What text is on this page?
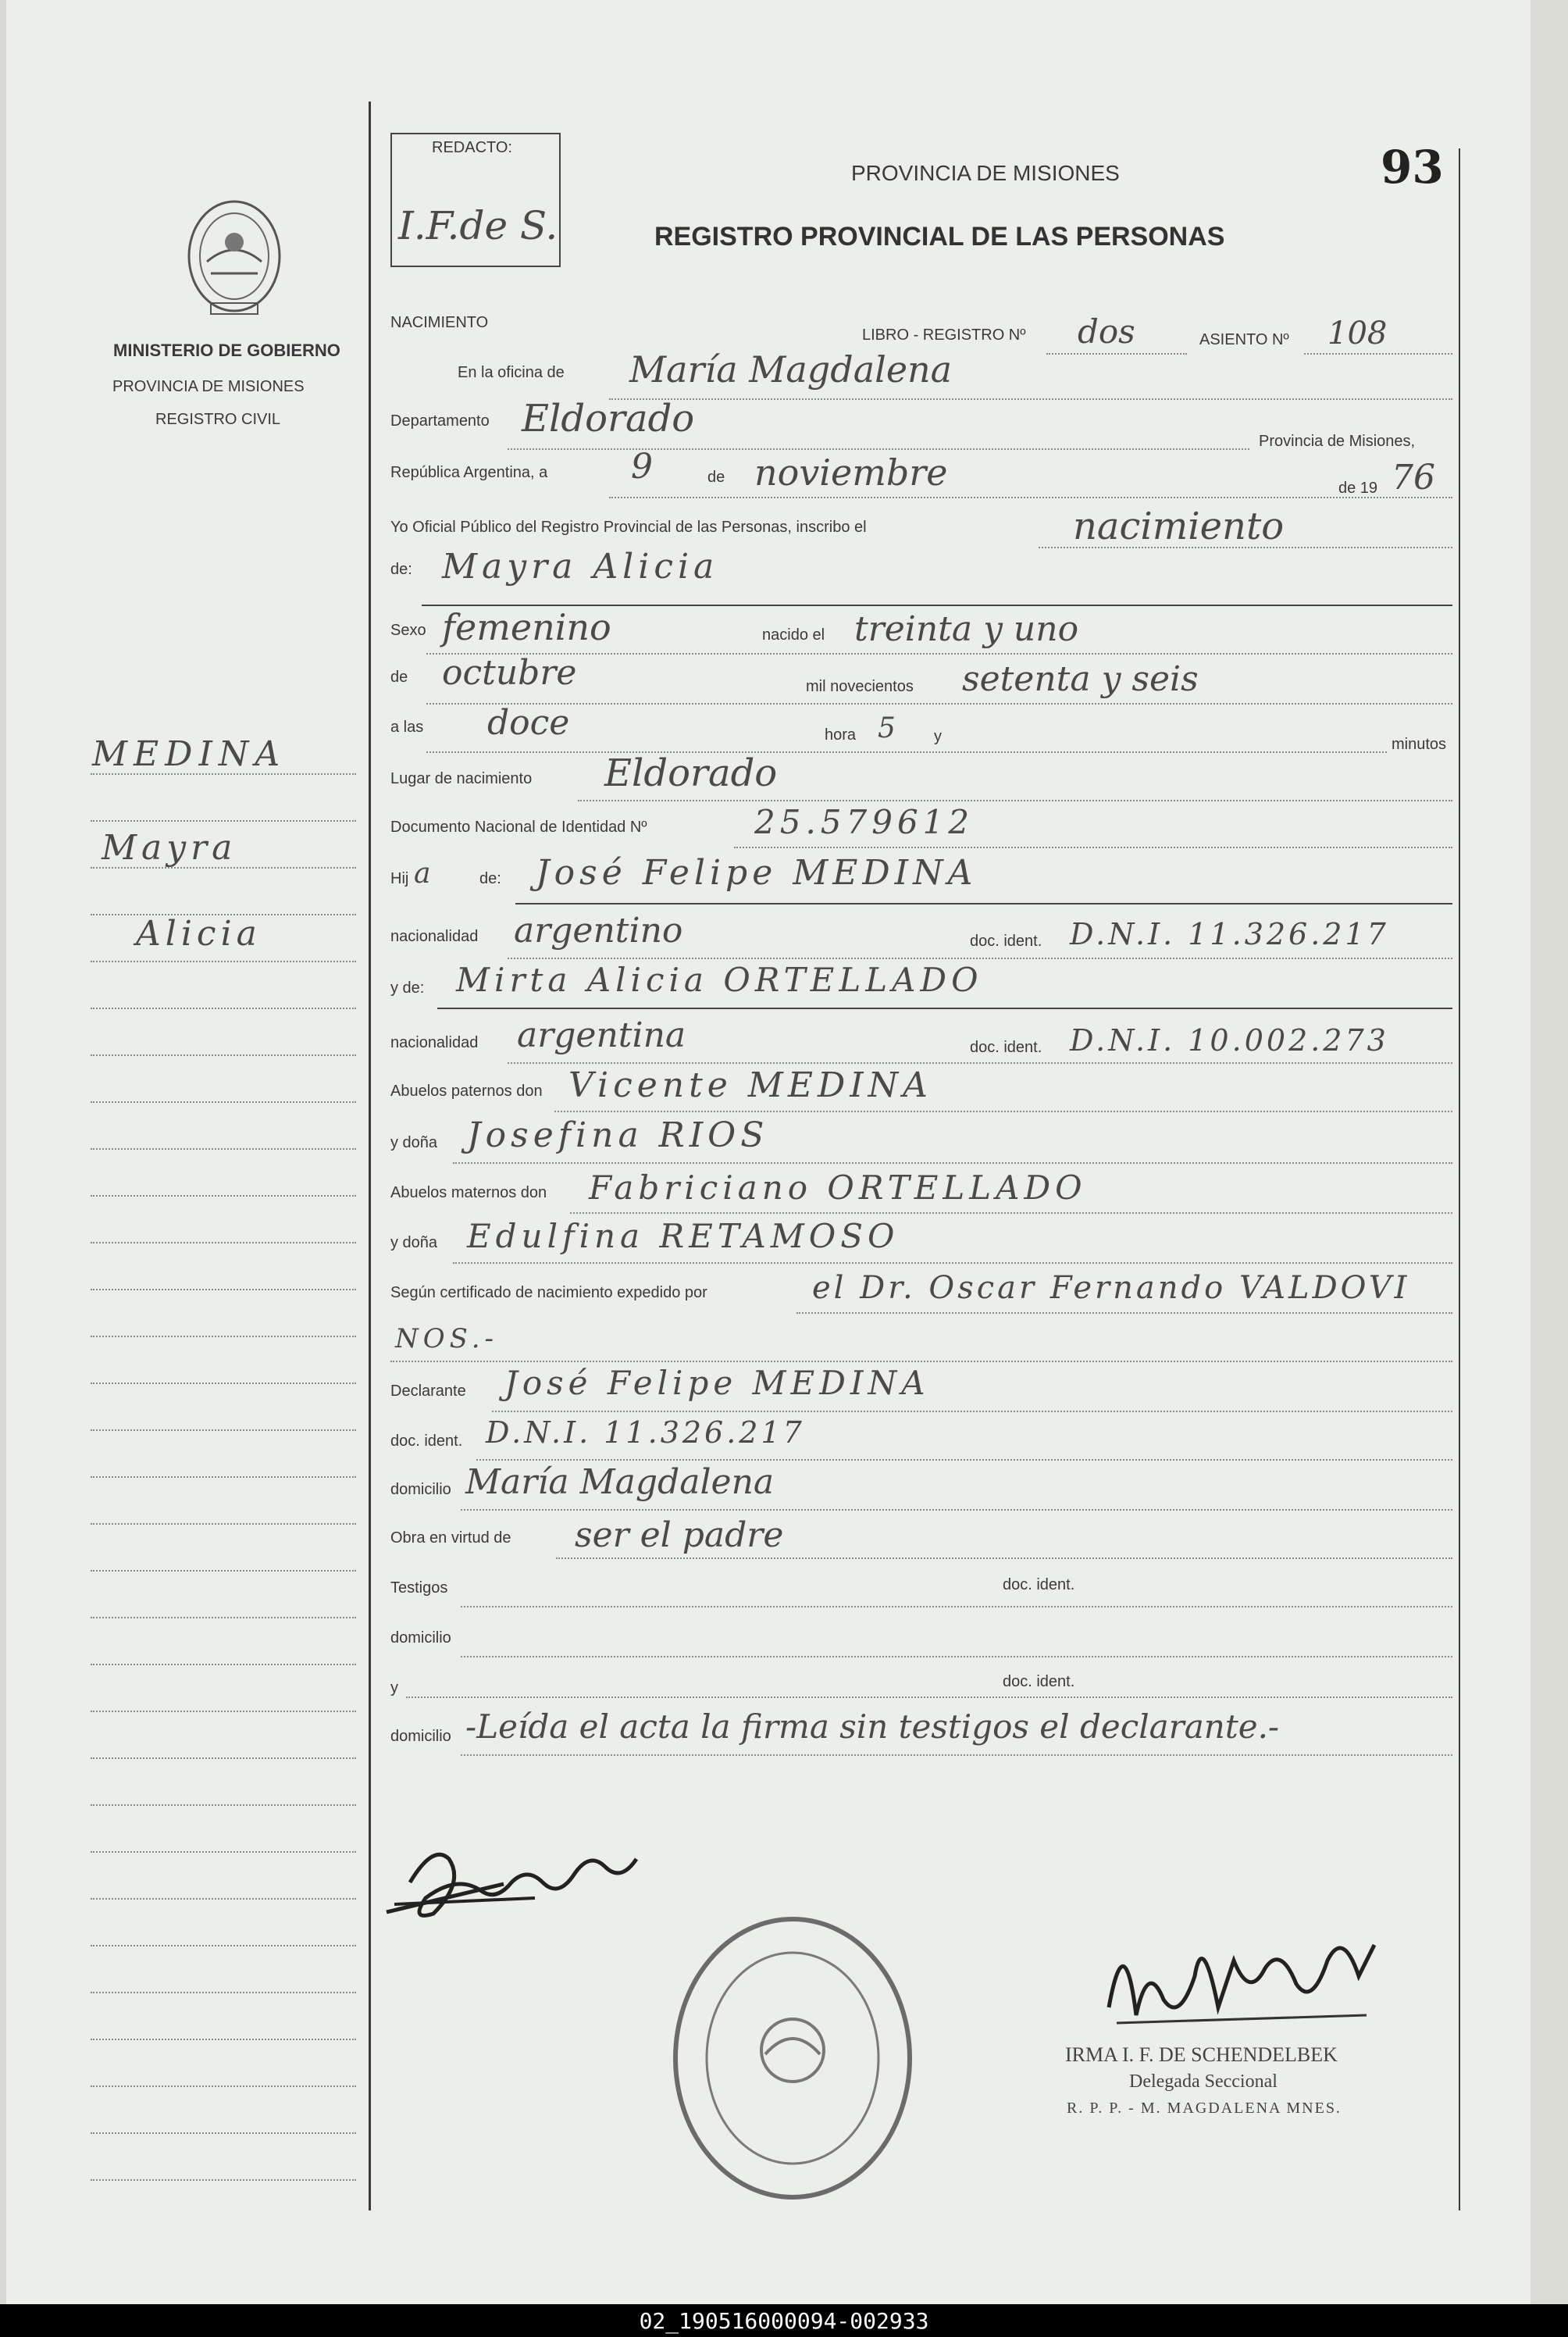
REDACTO:
I.F.de S.
PROVINCIA DE MISIONES	93
REGISTRO PROVINCIAL DE LAS PERSONAS
MINISTERIO DE GOBIERNO
PROVINCIA DE MISIONES
REGISTRO CIVIL
MEDINA
Mayra
Alicia
NACIMIENTO
LIBRO - REGISTRO Nº dos	ASIENTO Nº 108
En la oficina de María Magdalena
Departamento Eldorado
Provincia de Misiones,
República Argentina, a 9	de noviembre	de 19 76
Yo Oficial Público del Registro Provincial de las Personas, inscribo el	nacimiento
de: Mayra Alicia
Sexo femenino	nacido el treinta y uno
de octubre	mil novecientos setenta y seis
a las doce	hora 5 y	minutos
Lugar de nacimiento Eldorado
Documento Nacional de Identidad Nº	25.579612
Hij a	de: José Felipe MEDINA
nacionalidad argentino	doc. ident. D.N.I. 11.326.217
y de: Mirta Alicia ORTELLADO
nacionalidad argentina	doc. ident. D.N.I. 10.002.273
Abuelos paternos don Vicente MEDINA
y doña Josefina RIOS
Abuelos maternos don Fabriciano ORTELLADO
y doña Edulfina RETAMOSO
Según certificado de nacimiento expedido por	el Dr. Oscar Fernando VALDOVI
NOS.-
Declarante José Felipe MEDINA
doc. ident. D.N.I. 11.326.217
domicilio María Magdalena
Obra en virtud de ser el padre
Testigos	doc. ident.
domicilio
y	doc. ident.
domicilio -Leída el acta la firma sin testigos el declarante.-
IRMA I. F. DE SCHENDELBEK
Delegada Seccional
R. P. P. - M. MAGDALENA MNES.
02_190516000094-002933
